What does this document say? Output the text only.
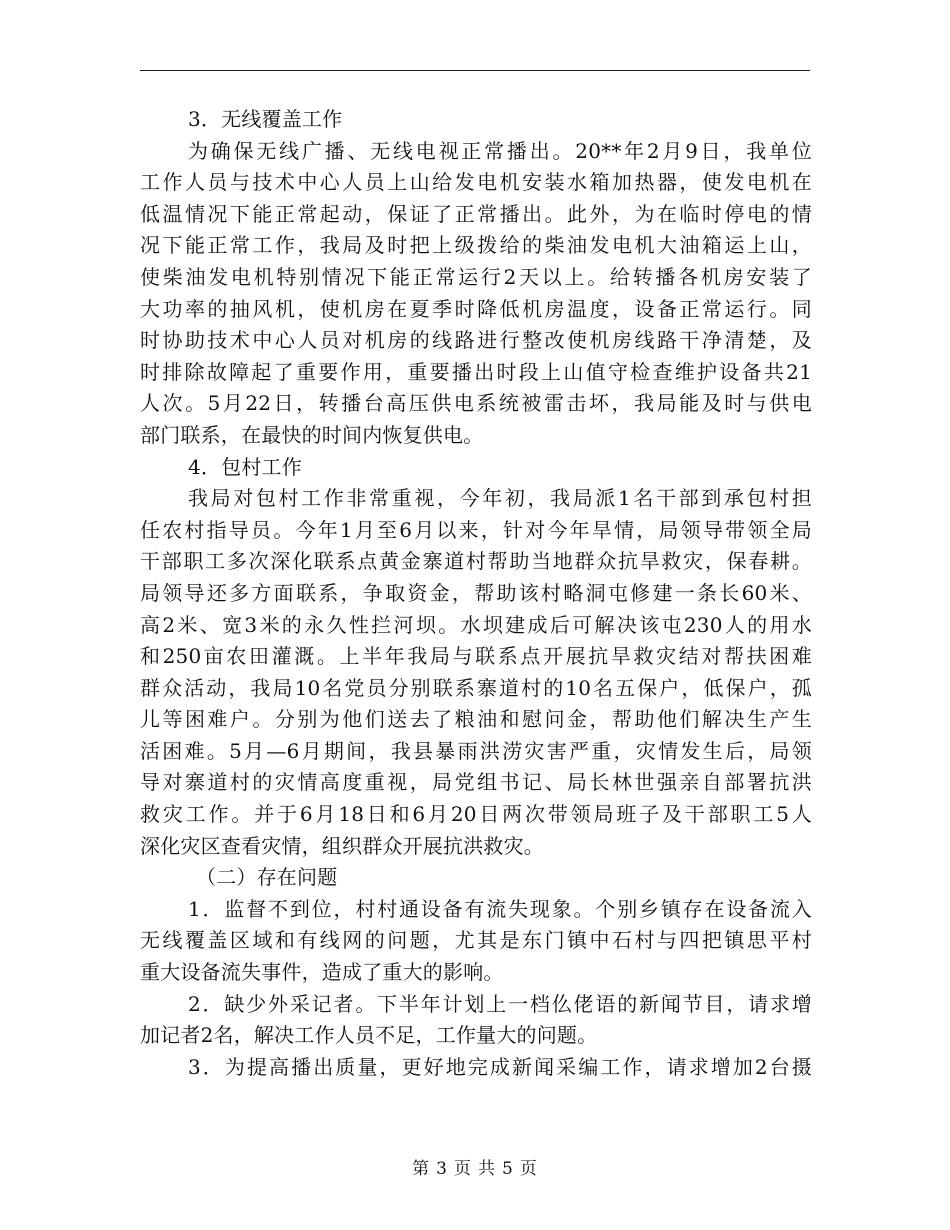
3．无线覆盖工作
为确保无线广播、无线电视正常播出。20**年2月9日，我单位
工作人员与技术中心人员上山给发电机安装水箱加热器，使发电机在
低温情况下能正常起动，保证了正常播出。此外，为在临时停电的情
况下能正常工作，我局及时把上级拨给的柴油发电机大油箱运上山，
使柴油发电机特别情况下能正常运行2天以上。给转播各机房安装了
大功率的抽风机，使机房在夏季时降低机房温度，设备正常运行。同
时协助技术中心人员对机房的线路进行整改使机房线路干净清楚，及
时排除故障起了重要作用，重要播出时段上山值守检查维护设备共21
人次。5月22日，转播台高压供电系统被雷击坏，我局能及时与供电
部门联系，在最快的时间内恢复供电。
4．包村工作
我局对包村工作非常重视，今年初，我局派1名干部到承包村担
任农村指导员。今年1月至6月以来，针对今年旱情，局领导带领全局
干部职工多次深化联系点黄金寨道村帮助当地群众抗旱救灾，保春耕。
局领导还多方面联系，争取资金，帮助该村略洞屯修建一条长60米、
高2米、宽3米的永久性拦河坝。水坝建成后可解决该屯230人的用水
和250亩农田灌溉。上半年我局与联系点开展抗旱救灾结对帮扶困难
群众活动，我局10名党员分别联系寨道村的10名五保户，低保户，孤
儿等困难户。分别为他们送去了粮油和慰问金，帮助他们解决生产生
活困难。5月—6月期间，我县暴雨洪涝灾害严重，灾情发生后，局领
导对寨道村的灾情高度重视，局党组书记、局长林世强亲自部署抗洪
救灾工作。并于6月18日和6月20日两次带领局班子及干部职工5人
深化灾区查看灾情，组织群众开展抗洪救灾。
（二）存在问题
1．监督不到位，村村通设备有流失现象。个别乡镇存在设备流入
无线覆盖区域和有线网的问题，尤其是东门镇中石村与四把镇思平村
重大设备流失事件，造成了重大的影响。
2．缺少外采记者。下半年计划上一档仫佬语的新闻节目，请求增
加记者2名，解决工作人员不足，工作量大的问题。
3．为提高播出质量，更好地完成新闻采编工作，请求增加2台摄
第 3 页 共 5 页
